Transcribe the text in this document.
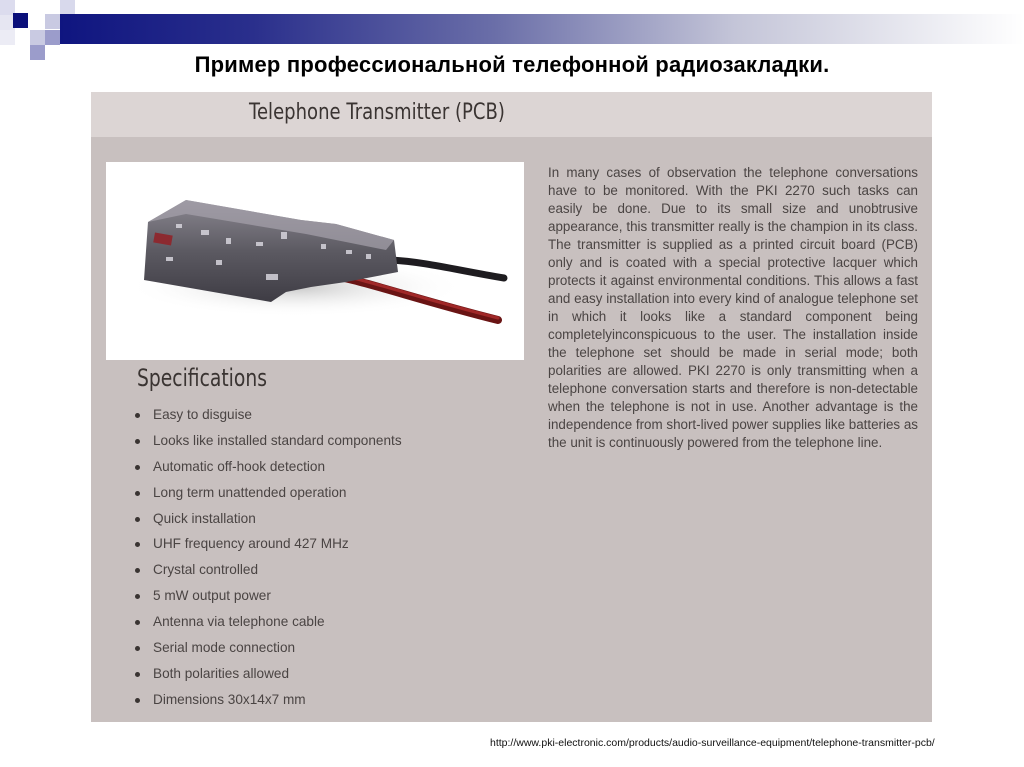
Пример профессиональной телефонной радиозакладки.
Telephone Transmitter (PCB)
In many cases of observation the telephone conversations have to be monitored. With the PKI 2270 such tasks can easily be done. Due to its small size and unobtrusive appearance, this transmitter really is the champion in its class. The transmitter is supplied as a printed circuit board (PCB) only and is coated with a special protective lacquer which protects it against environmental conditions. This allows a fast and easy installation into every kind of analogue telephone set in which it looks like a standard component being completelyinconspicuous to the user. The installation inside the telephone set should be made in serial mode; both polarities are allowed. PKI 2270 is only transmitting when a telephone conversation starts and therefore is non-detectable when the telephone is not in use. Another advantage is the independence from short-lived power supplies like batteries as the unit is continuously powered from the telephone line.
Specifications
Easy to disguise
Looks like installed standard components
Automatic off-hook detection
Long term unattended operation
Quick installation
UHF frequency around 427 MHz
Crystal controlled
5 mW output power
Antenna via telephone cable
Serial mode connection
Both polarities allowed
Dimensions 30x14x7 mm
http://www.pki-electronic.com/products/audio-surveillance-equipment/telephone-transmitter-pcb/
